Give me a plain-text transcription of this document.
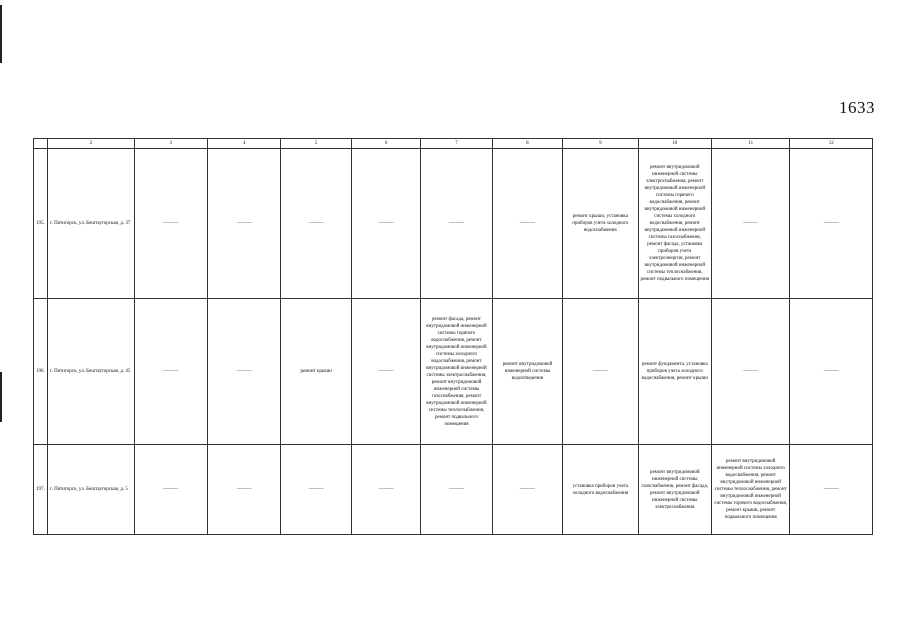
1633
	2	3	4	5	6	7	8	9	10	11	12
195.	г. Пятигорск, ул. Бештаугорская, д. 37	———	———	———	———	———	———	ремонт крыши, установка приборов учета холодного водоснабжения	ремонт внутридомовой инженерной системы электроснабжения, ремонт внутридомовой инженерной системы горячего водоснабжения, ремонт внутридомовой инженерной системы холодного водоснабжения, ремонт внутридомовой инженерной системы газоснабжения, ремонт фасада, установка приборов учета электроэнергии, ремонт внутридомовой инженерной системы теплоснабжения, ремонт подвального помещения	———	———
196.	г. Пятигорск, ул. Бештаугорская, д. 45	———	———	ремонт крыши	———	ремонт фасада, ремонт внутридомовой инженерной системы горячего водоснабжения, ремонт внутридомовой инженерной системы холодного водоснабжения, ремонт внутридомовой инженерной системы электроснабжения, ремонт внутридомовой инженерной системы газоснабжения, ремонт внутридомовой инженерной системы теплоснабжения, ремонт подвального помещения	ремонт внутридомовой инженерной системы водоотведения	———	ремонт фундамента, установка приборов учета холодного водоснабжения, ремонт крыши	———	———
197.	г. Пятигорск, ул. Бештаугорская, д. 5	———	———	———	———	———	———	установка приборов учета холодного водоснабжения	ремонт внутридомовой инженерной системы газоснабжения, ремонт фасада, ремонт внутридомовой инженерной системы электроснабжения	ремонт внутридомовой инженерной системы холодного водоснабжения, ремонт внутридомовой инженерной системы теплоснабжения, ремонт внутридомовой инженерной системы горячего водоснабжения, ремонт крыши, ремонт подвального помещения	———
